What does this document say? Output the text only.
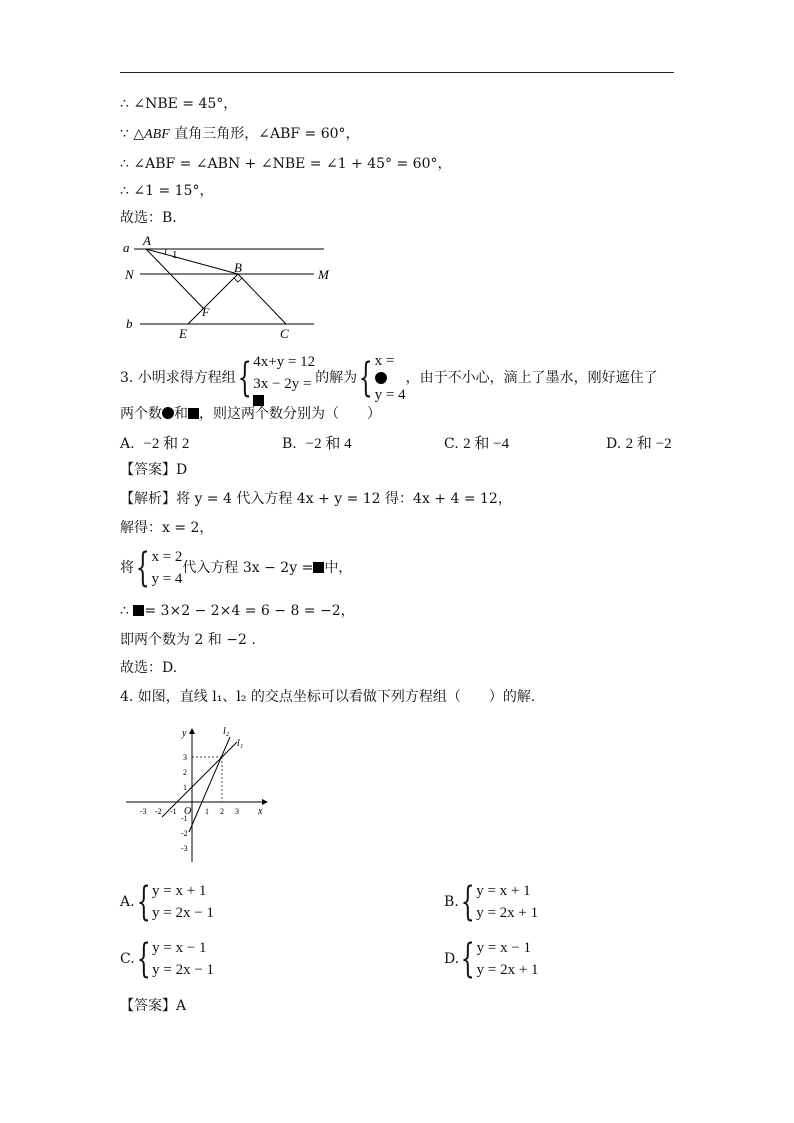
∴ ∠NBE = 45°，
∵ △ABF 直角三角形，∠ABF = 60°，
∴ ∠ABF = ∠ABN + ∠NBE = ∠1 + 45° = 60°，
∴ ∠1 = 15°，
故选：B.
a A
1
N	B	M
F
b
E	C
3. 小明求得方程组{ 4x+y = 12
3x − 2y = 的解为{ x =
y = 4
，由于不小心，滴上了墨水，刚好遮住了
两个数 和 ，则这两个数分别为（　　）
A. −2 和 2	B. −2 和 4	C. 2 和 −4	D. 2 和 −2
【答案】D
【解析】将 y = 4 代入方程 4x + y = 12 得：4x + 4 = 12，
解得：x = 2，
将{ x = 2
y = 4
代入方程 3x − 2y = 中，
∴ = 3×2 − 2×4 = 6 − 8 = −2，
即两个数为 2 和 −2 .
故选：D.
4. 如图，直线 l₁、l₂ 的交点坐标可以看做下列方程组（　　）的解.
y
x
O
l₂
l₁
-3 -2 -1	1 2 3
3
2
1
-1
-2
-3
A.{ y = x + 1
y = 2x − 1
B.{ y = x + 1
y = 2x + 1
C.{ y = x − 1
y = 2x − 1
D.{ y = x − 1
y = 2x + 1
【答案】A
